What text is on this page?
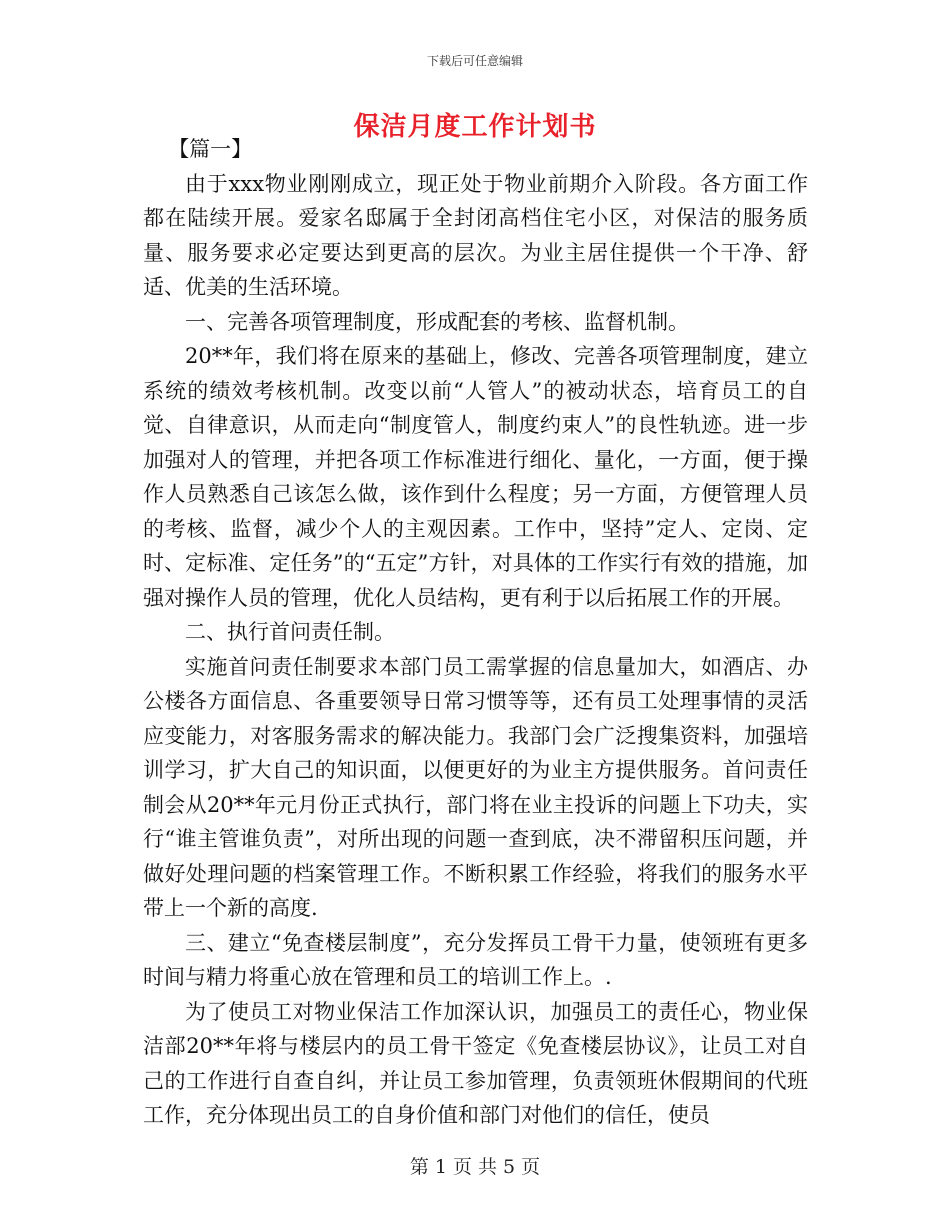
下载后可任意编辑
保洁月度工作计划书

【篇一】

由于xxx物业刚刚成立，现正处于物业前期介入阶段。各方面工作都在陆续开展。爱家名邸属于全封闭高档住宅小区，对保洁的服务质量、服务要求必定要达到更高的层次。为业主居住提供一个干净、舒适、优美的生活环境。

一、完善各项管理制度，形成配套的考核、监督机制。

20**年，我们将在原来的基础上，修改、完善各项管理制度，建立系统的绩效考核机制。改变以前“人管人”的被动状态，培育员工的自觉、自律意识，从而走向“制度管人，制度约束人”的良性轨迹。进一步加强对人的管理，并把各项工作标准进行细化、量化，一方面，便于操作人员熟悉自己该怎么做，该作到什么程度；另一方面，方便管理人员的考核、监督，减少个人的主观因素。工作中，坚持”定人、定岗、定时、定标准、定任务”的“五定”方针，对具体的工作实行有效的措施，加强对操作人员的管理，优化人员结构，更有利于以后拓展工作的开展。

二、执行首问责任制。

实施首问责任制要求本部门员工需掌握的信息量加大，如酒店、办公楼各方面信息、各重要领导日常习惯等等，还有员工处理事情的灵活应变能力，对客服务需求的解决能力。我部门会广泛搜集资料，加强培训学习，扩大自己的知识面，以便更好的为业主方提供服务。首问责任制会从20**年元月份正式执行，部门将在业主投诉的问题上下功夫，实行“谁主管谁负责”，对所出现的问题一查到底，决不滞留积压问题，并做好处理问题的档案管理工作。不断积累工作经验，将我们的服务水平带上一个新的高度.

三、建立“免查楼层制度”，充分发挥员工骨干力量，使领班有更多时间与精力将重心放在管理和员工的培训工作上。.

为了使员工对物业保洁工作加深认识，加强员工的责任心，物业保洁部20**年将与楼层内的员工骨干签定《免查楼层协议》，让员工对自己的工作进行自查自纠，并让员工参加管理，负责领班休假期间的代班工作，充分体现出员工的自身价值和部门对他们的信任，使员

第 1 页 共 5 页
